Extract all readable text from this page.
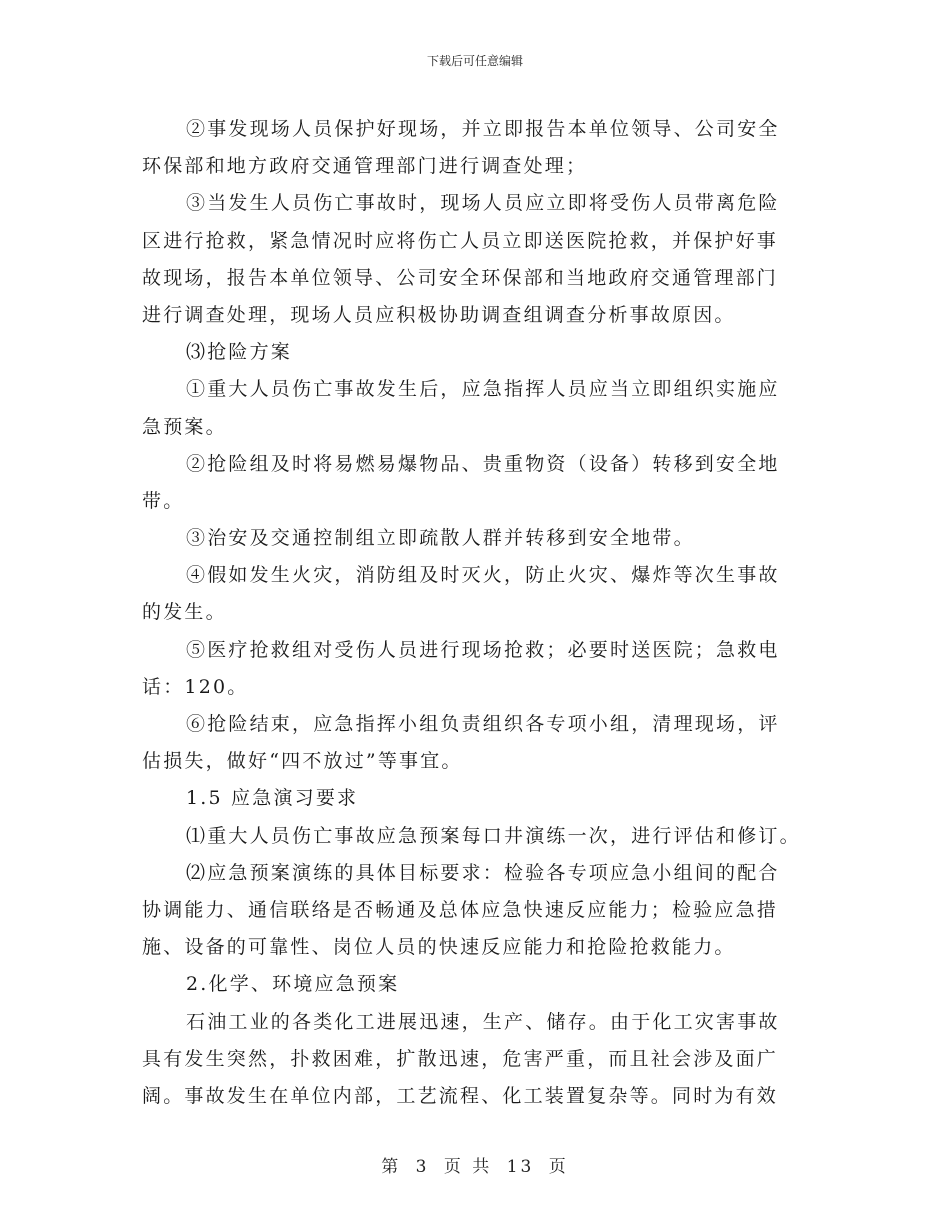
下载后可任意编辑
②事发现场人员保护好现场，并立即报告本单位领导、公司安全
环保部和地方政府交通管理部门进行调查处理；
③当发生人员伤亡事故时，现场人员应立即将受伤人员带离危险
区进行抢救，紧急情况时应将伤亡人员立即送医院抢救，并保护好事
故现场，报告本单位领导、公司安全环保部和当地政府交通管理部门
进行调查处理，现场人员应积极协助调查组调查分析事故原因。
⑶抢险方案
①重大人员伤亡事故发生后，应急指挥人员应当立即组织实施应
急预案。
②抢险组及时将易燃易爆物品、贵重物资（设备）转移到安全地
带。
③治安及交通控制组立即疏散人群并转移到安全地带。
④假如发生火灾，消防组及时灭火，防止火灾、爆炸等次生事故
的发生。
⑤医疗抢救组对受伤人员进行现场抢救；必要时送医院；急救电
话：120。
⑥抢险结束，应急指挥小组负责组织各专项小组，清理现场，评
估损失，做好“四不放过”等事宜。
1.5 应急演习要求
⑴重大人员伤亡事故应急预案每口井演练一次，进行评估和修订。
⑵应急预案演练的具体目标要求：检验各专项应急小组间的配合
协调能力、通信联络是否畅通及总体应急快速反应能力；检验应急措
施、设备的可靠性、岗位人员的快速反应能力和抢险抢救能力。
2.化学、环境应急预案
石油工业的各类化工进展迅速，生产、储存。由于化工灾害事故
具有发生突然，扑救困难，扩散迅速，危害严重，而且社会涉及面广
阔。事故发生在单位内部，工艺流程、化工装置复杂等。同时为有效
第 3 页 共 13 页
